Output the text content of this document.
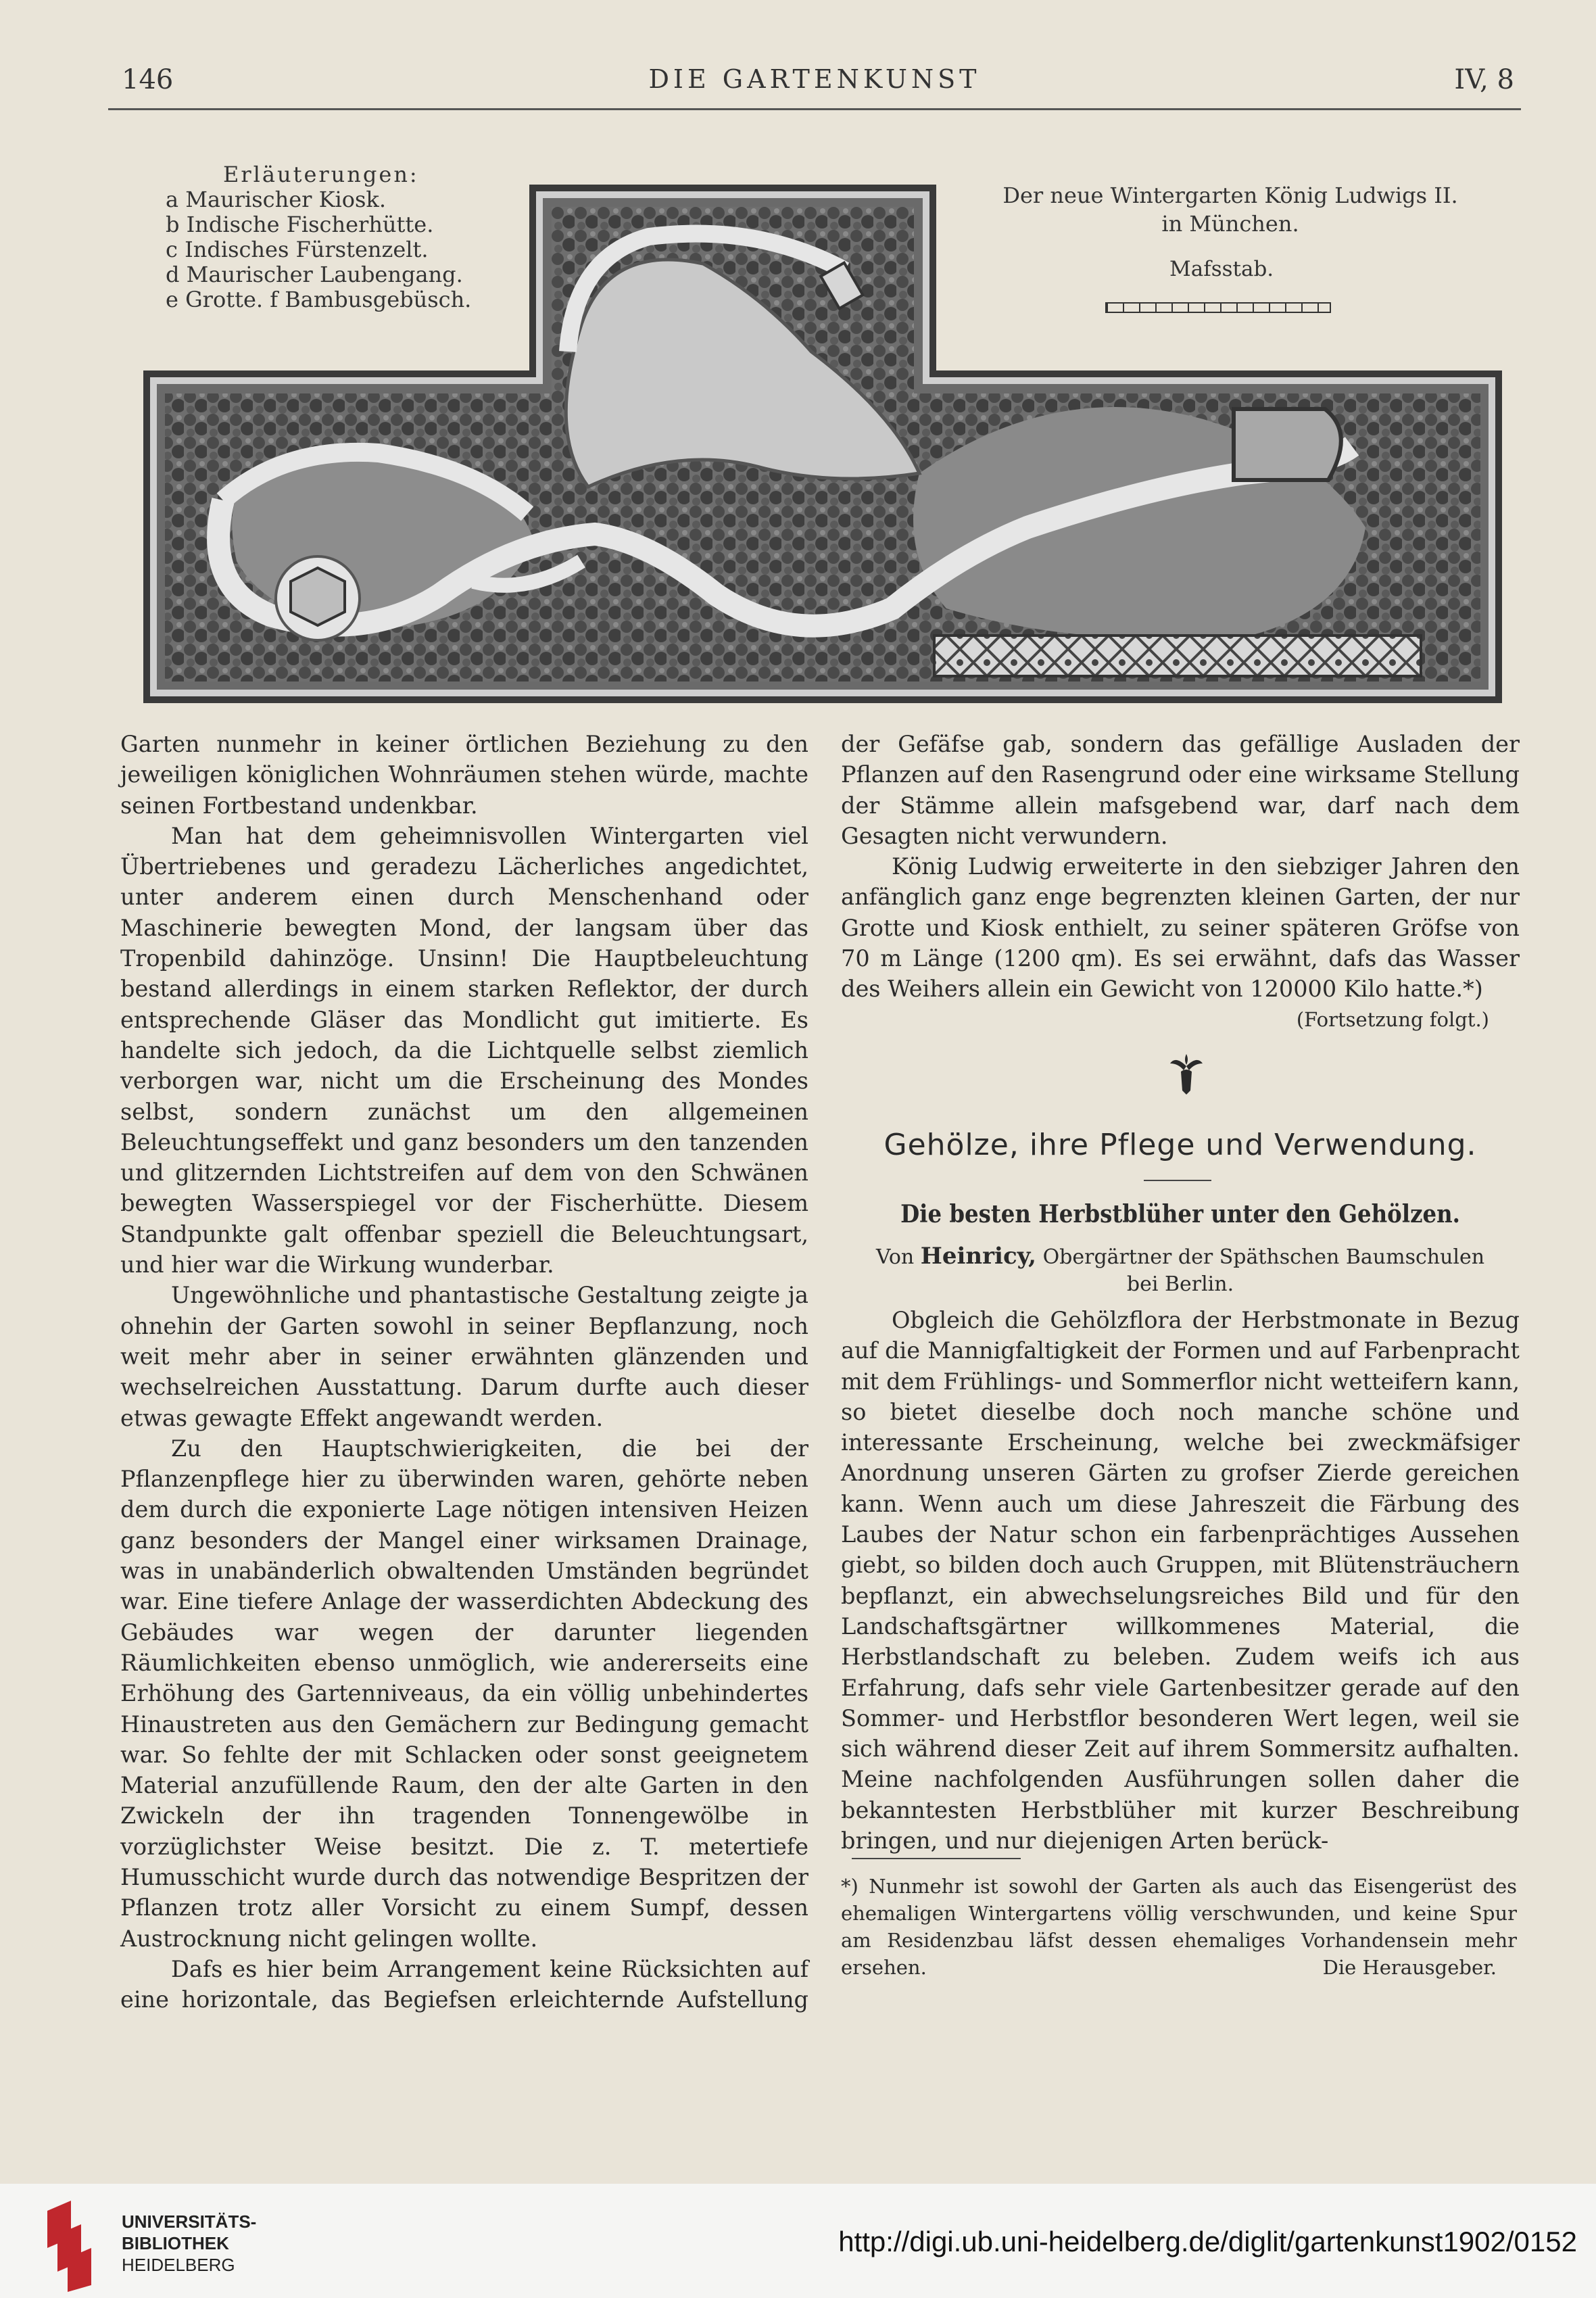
146	DIE GARTENKUNST	IV, 8
Erläuterungen:
a Maurischer Kiosk.
b Indische Fischerhütte.
c Indisches Fürstenzelt.
d Maurischer Laubengang.
e Grotte. f Bambusgebüsch.
Der neue Wintergarten König Ludwigs II.
in München.
Mafsstab.

Garten nunmehr in keiner örtlichen Beziehung zu den jeweiligen königlichen Wohnräumen stehen würde, machte seinen Fortbestand undenkbar.

Man hat dem geheimnisvollen Wintergarten viel Übertriebenes und geradezu Lächerliches angedichtet, unter anderem einen durch Menschenhand oder Maschinerie bewegten Mond, der langsam über das Tropenbild dahinzöge. Unsinn! Die Hauptbeleuchtung bestand allerdings in einem starken Reflektor, der durch entsprechende Gläser das Mondlicht gut imitierte. Es handelte sich jedoch, da die Lichtquelle selbst ziemlich verborgen war, nicht um die Erscheinung des Mondes selbst, sondern zunächst um den allgemeinen Beleuchtungseffekt und ganz besonders um den tanzenden und glitzernden Lichtstreifen auf dem von den Schwänen bewegten Wasserspiegel vor der Fischerhütte. Diesem Standpunkte galt offenbar speziell die Beleuchtungsart, und hier war die Wirkung wunderbar.

Ungewöhnliche und phantastische Gestaltung zeigte ja ohnehin der Garten sowohl in seiner Bepflanzung, noch weit mehr aber in seiner erwähnten glänzenden und wechselreichen Ausstattung. Darum durfte auch dieser etwas gewagte Effekt angewandt werden.

Zu den Hauptschwierigkeiten, die bei der Pflanzenpflege hier zu überwinden waren, gehörte neben dem durch die exponierte Lage nötigen intensiven Heizen ganz besonders der Mangel einer wirksamen Drainage, was in unabänderlich obwaltenden Umständen begründet war. Eine tiefere Anlage der wasserdichten Abdeckung des Gebäudes war wegen der darunter liegenden Räumlichkeiten ebenso unmöglich, wie andererseits eine Erhöhung des Gartenniveaus, da ein völlig unbehindertes Hinaustreten aus den Gemächern zur Bedingung gemacht war. So fehlte der mit Schlacken oder sonst geeignetem Material anzufüllende Raum, den der alte Garten in den Zwickeln der ihn tragenden Tonnengewölbe in vorzüglichster Weise besitzt. Die z. T. metertiefe Humusschicht wurde durch das notwendige Bespritzen der Pflanzen trotz aller Vorsicht zu einem Sumpf, dessen Austrocknung nicht gelingen wollte.

Dafs es hier beim Arrangement keine Rücksichten auf eine horizontale, das Begiefsen erleichternde Aufstellung

der Gefäfse gab, sondern das gefällige Ausladen der Pflanzen auf den Rasengrund oder eine wirksame Stellung der Stämme allein mafsgebend war, darf nach dem Gesagten nicht verwundern.

König Ludwig erweiterte in den siebziger Jahren den anfänglich ganz enge begrenzten kleinen Garten, der nur Grotte und Kiosk enthielt, zu seiner späteren Gröfse von 70 m Länge (1200 qm). Es sei erwähnt, dafs das Wasser des Weihers allein ein Gewicht von 120000 Kilo hatte.*)

(Fortsetzung folgt.)

Gehölze, ihre Pflege und Verwendung.
Die besten Herbstblüher unter den Gehölzen.
Von Heinricy, Obergärtner der Späthschen Baumschulen
bei Berlin.

Obgleich die Gehölzflora der Herbstmonate in Bezug auf die Mannigfaltigkeit der Formen und auf Farbenpracht mit dem Frühlings- und Sommerflor nicht wetteifern kann, so bietet dieselbe doch noch manche schöne und interessante Erscheinung, welche bei zweckmäfsiger Anordnung unseren Gärten zu grofser Zierde gereichen kann. Wenn auch um diese Jahreszeit die Färbung des Laubes der Natur schon ein farbenprächtiges Aussehen giebt, so bilden doch auch Gruppen, mit Blütensträuchern bepflanzt, ein abwechselungsreiches Bild und für den Landschaftsgärtner willkommenes Material, die Herbstlandschaft zu beleben. Zudem weifs ich aus Erfahrung, dafs sehr viele Gartenbesitzer gerade auf den Sommer- und Herbstflor besonderen Wert legen, weil sie sich während dieser Zeit auf ihrem Sommersitz aufhalten. Meine nachfolgenden Ausführungen sollen daher die bekanntesten Herbstblüher mit kurzer Beschreibung bringen, und nur diejenigen Arten berück-

*) Nunmehr ist sowohl der Garten als auch das Eisengerüst des ehemaligen Wintergartens völlig verschwunden, und keine Spur am Residenzbau läfst dessen ehemaliges Vorhandensein mehr ersehen.	Die Herausgeber.
UNIVERSITÄTS-
BIBLIOTHEK
HEIDELBERG
http://digi.ub.uni-heidelberg.de/diglit/gartenkunst1902/0152
